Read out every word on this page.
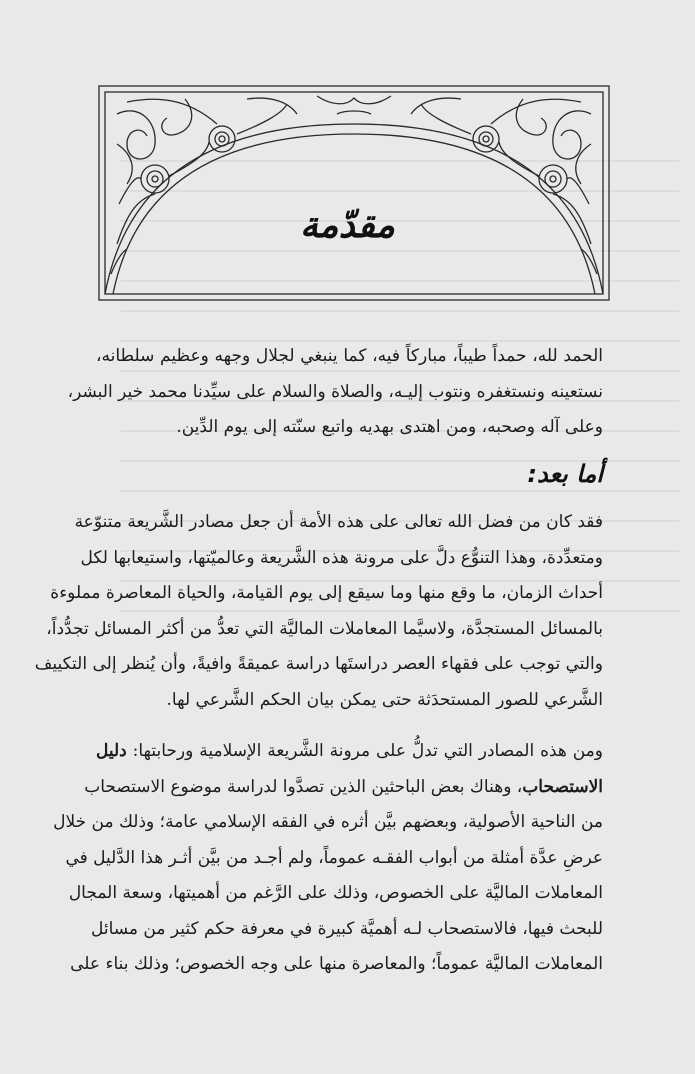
مقدّمة
الحمد لله، حمداً طيباً، مباركاً فيه، كما ينبغي لجلال وجهه وعظيم سلطانه،
نستعينه ونستغفره ونتوب إليـه، والصلاة والسلام على سيِّدنا محمد خير البشر،
وعلى آله وصحبه، ومن اهتدى بهديه واتبع سنّته إلى يوم الدِّين.
أما بعد:
فقد كان من فضل الله تعالى على هذه الأمة أن جعل مصادر الشَّريعة متنوّعة
ومتعدِّدة، وهذا التنوُّع دلَّ على مرونة هذه الشَّريعة وعالميّتها، واستيعابها لكل
أحداث الزمان، ما وقع منها وما سيقع إلى يوم القيامة، والحياة المعاصرة مملوءة
بالمسائل المستجدَّة، ولاسيَّما المعاملات الماليَّة التي تعدُّ من أكثر المسائل تجدُّداً،
والتي توجب على فقهاء العصر دراستَها دراسة عميقةً وافيةً، وأن يُنظر إلى التكييف
الشَّرعي للصور المستحدَثة حتى يمكن بيان الحكم الشَّرعي لها.
ومن هذه المصادر التي تدلُّ على مرونة الشَّريعة الإسلامية ورحابتها: دليل
الاستصحاب، وهناك بعض الباحثين الذين تصدَّوا لدراسة موضوع الاستصحاب
من الناحية الأصولية، وبعضهم بيَّن أثره في الفقه الإسلامي عامة؛ وذلك من خلال
عرضِ عدَّة أمثلة من أبواب الفقـه عموماً، ولم أجـد من بيَّن أثـر هذا الدَّليل في
المعاملات الماليَّة على الخصوص، وذلك على الرَّغم من أهميتها، وسعة المجال
للبحث فيها، فالاستصحاب لـه أهميَّة كبيرة في معرفة حكم كثير من مسائل
المعاملات الماليَّة عموماً؛ والمعاصرة منها على وجه الخصوص؛ وذلك بناء على
